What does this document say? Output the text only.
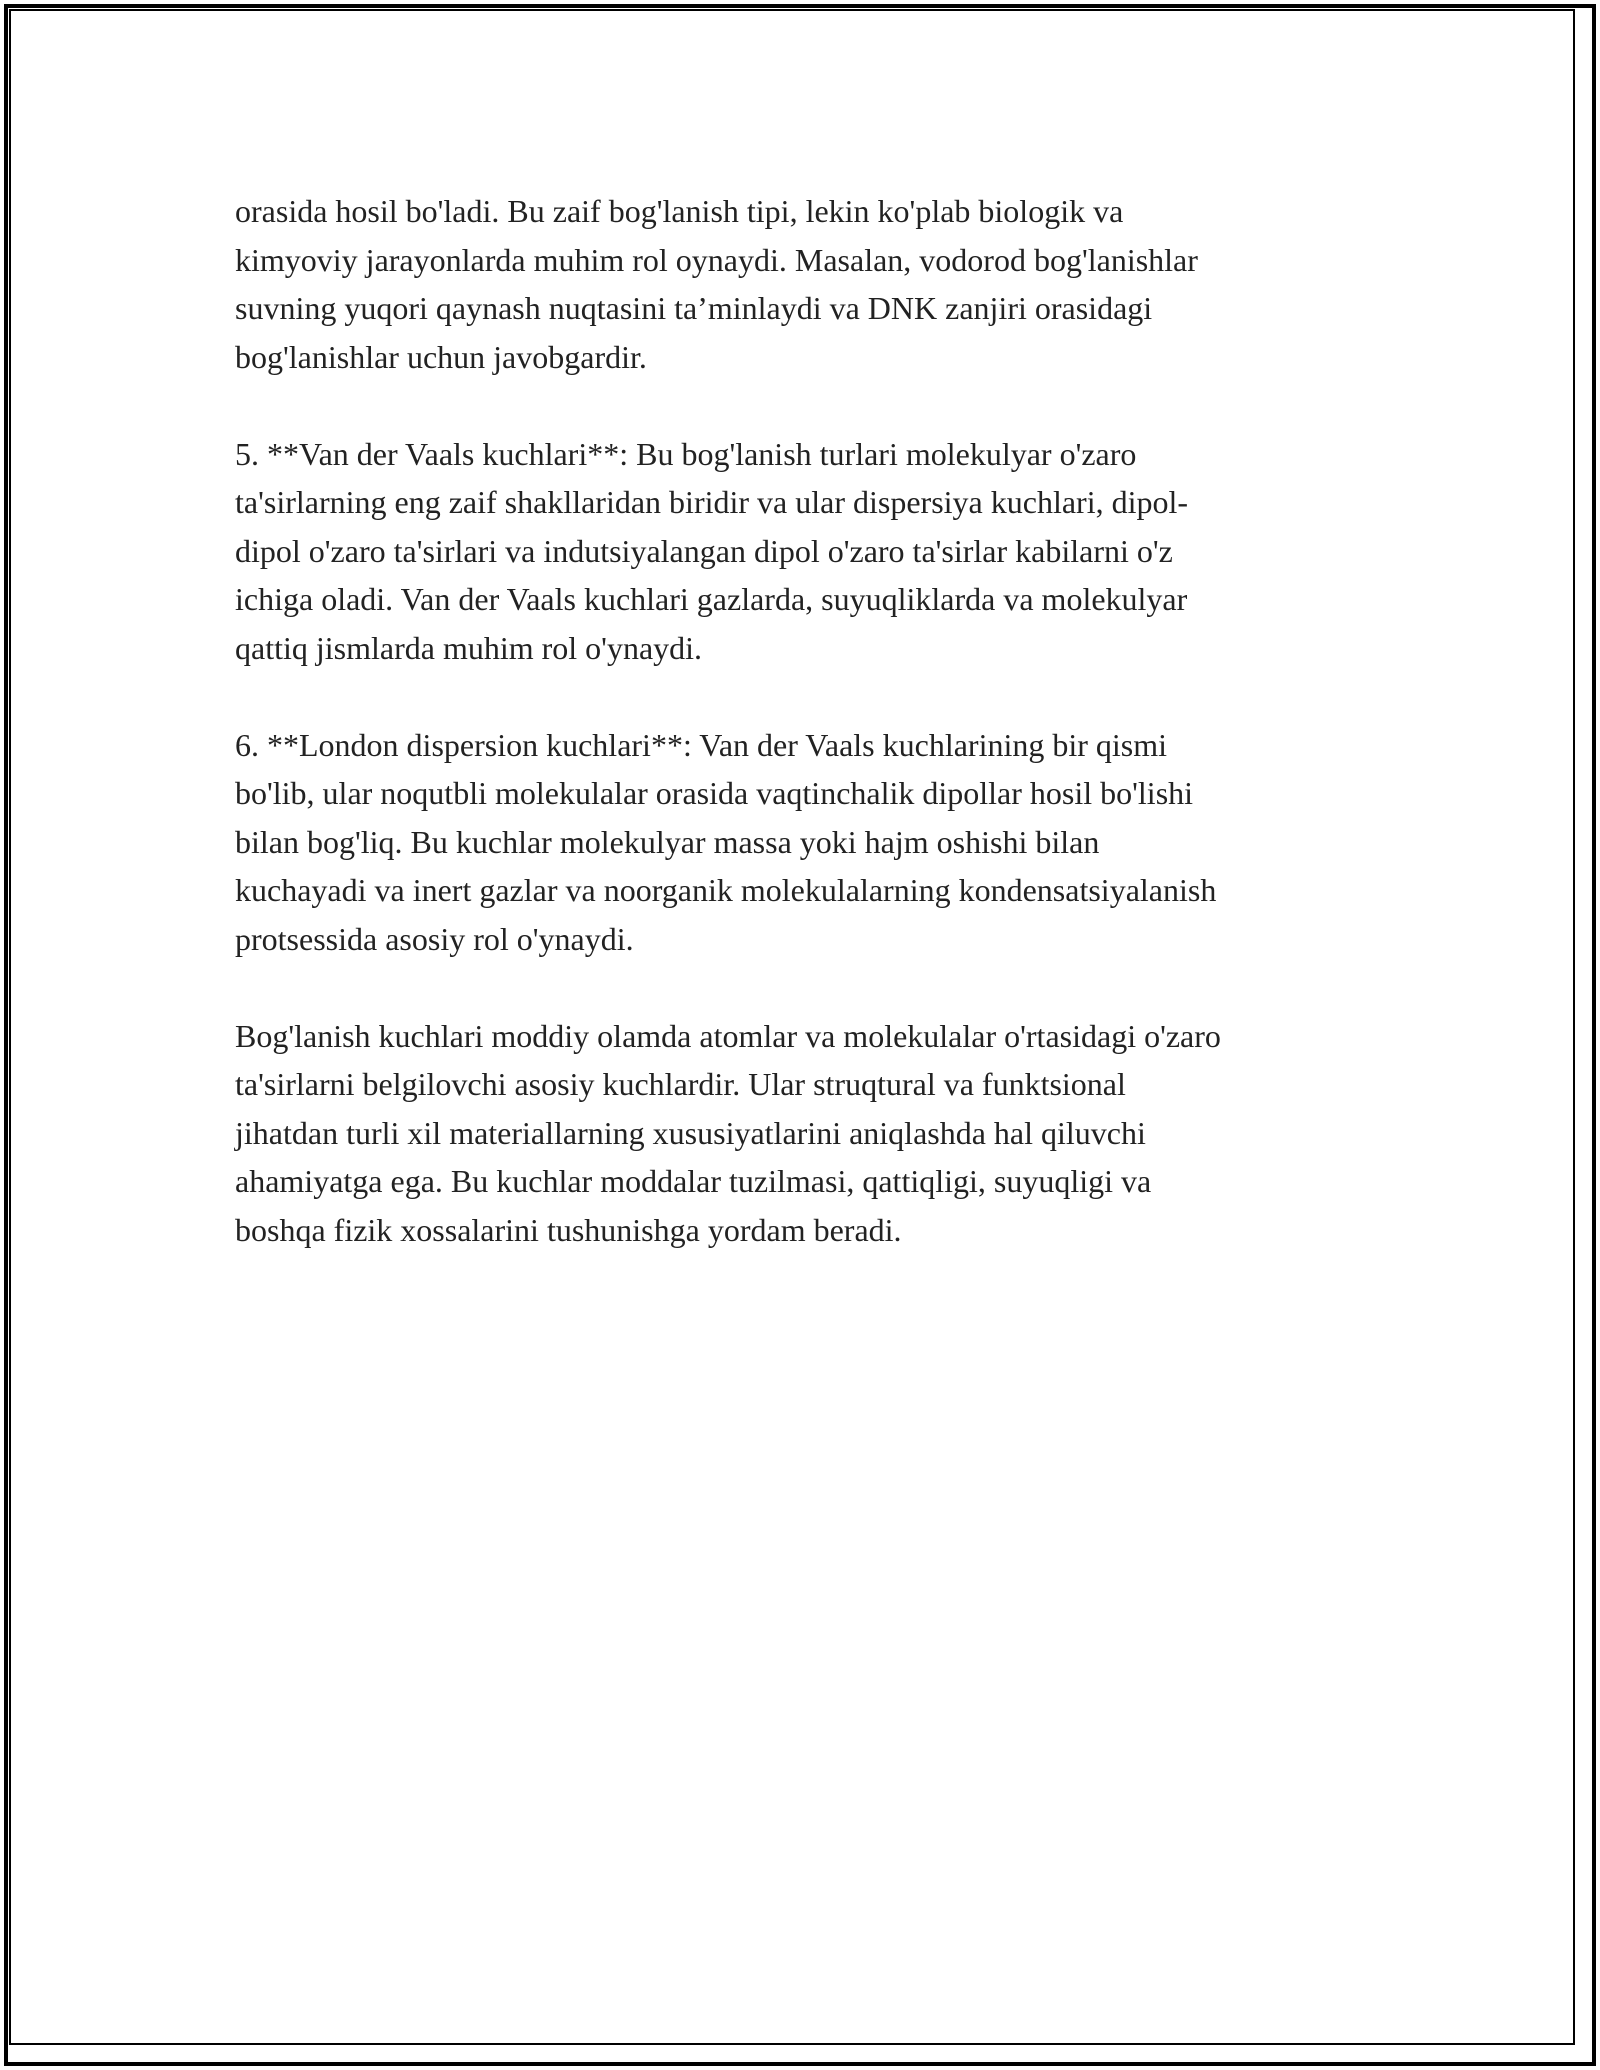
orasida hosil bo'ladi. Bu zaif bog'lanish tipi, lekin ko'plab biologik va
kimyoviy jarayonlarda muhim rol oynaydi. Masalan, vodorod bog'lanishlar
suvning yuqori qaynash nuqtasini ta’minlaydi va DNK zanjiri orasidagi
bog'lanishlar uchun javobgardir.

5. **Van der Vaals kuchlari**: Bu bog'lanish turlari molekulyar o'zaro
ta'sirlarning eng zaif shakllaridan biridir va ular dispersiya kuchlari, dipol-
dipol o'zaro ta'sirlari va indutsiyalangan dipol o'zaro ta'sirlar kabilarni o'z
ichiga oladi. Van der Vaals kuchlari gazlarda, suyuqliklarda va molekulyar
qattiq jismlarda muhim rol o'ynaydi.

6. **London dispersion kuchlari**: Van der Vaals kuchlarining bir qismi
bo'lib, ular noqutbli molekulalar orasida vaqtinchalik dipollar hosil bo'lishi
bilan bog'liq. Bu kuchlar molekulyar massa yoki hajm oshishi bilan
kuchayadi va inert gazlar va noorganik molekulalarning kondensatsiyalanish
protsessida asosiy rol o'ynaydi.

Bog'lanish kuchlari moddiy olamda atomlar va molekulalar o'rtasidagi o'zaro
ta'sirlarni belgilovchi asosiy kuchlardir. Ular struqtural va funktsional
jihatdan turli xil materiallarning xususiyatlarini aniqlashda hal qiluvchi
ahamiyatga ega. Bu kuchlar moddalar tuzilmasi, qattiqligi, suyuqligi va
boshqa fizik xossalarini tushunishga yordam beradi.
